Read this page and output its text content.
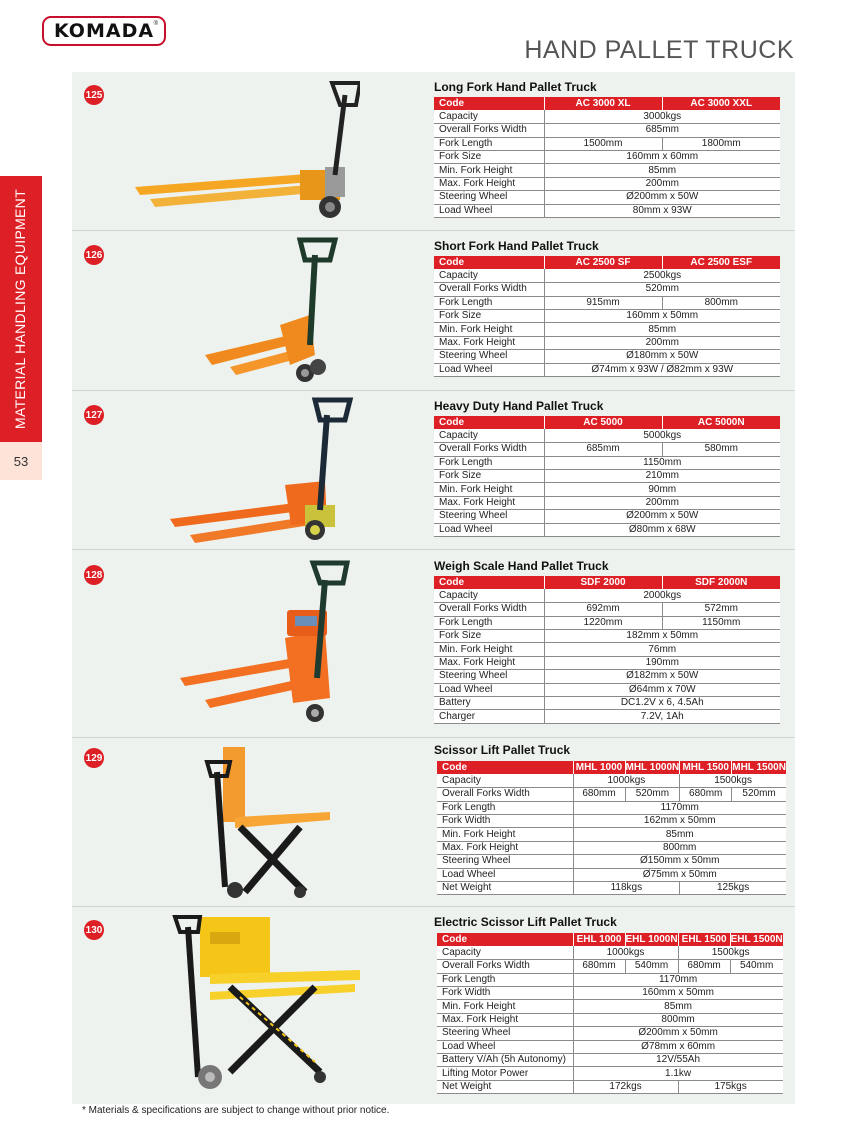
KOMADA®
HAND PALLET TRUCK
MATERIAL HANDLING EQUIPMENT
53
125
Long Fork Hand Pallet Truck
Code	AC 3000 XL	AC 3000 XXL
Capacity	3000kgs	
Overall Forks Width	685mm	
Fork Length	1500mm	1800mm
Fork Size	160mm x 60mm	
Min. Fork Height	85mm	
Max. Fork Height	200mm	
Steering Wheel	Ø200mm x 50W	
Load Wheel	80mm x 93W	
126
Short Fork Hand Pallet Truck
Code	AC 2500 SF	AC 2500 ESF
Capacity	2500kgs	
Overall Forks Width	520mm	
Fork Length	915mm	800mm
Fork Size	160mm x 50mm	
Min. Fork Height	85mm	
Max. Fork Height	200mm	
Steering Wheel	Ø180mm x 50W	
Load Wheel	Ø74mm x 93W / Ø82mm x 93W	
127
Heavy Duty Hand Pallet Truck
Code	AC 5000	AC 5000N
Capacity	5000kgs	
Overall Forks Width	685mm	580mm
Fork Length	1150mm	
Fork Size	210mm	
Min. Fork Height	90mm	
Max. Fork Height	200mm	
Steering Wheel	Ø200mm x 50W	
Load Wheel	Ø80mm x 68W	
128
Weigh Scale Hand Pallet Truck
Code	SDF 2000	SDF 2000N
Capacity	2000kgs	
Overall Forks Width	692mm	572mm
Fork Length	1220mm	1150mm
Fork Size	182mm x 50mm	
Min. Fork Height	76mm	
Max. Fork Height	190mm	
Steering Wheel	Ø182mm x 50W	
Load Wheel	Ø64mm x 70W	
Battery	DC1.2V x 6, 4.5Ah	
Charger	7.2V, 1Ah	
129
Scissor Lift Pallet Truck
Code	MHL 1000	MHL 1000N	MHL 1500	MHL 1500N
Capacity	1000kgs		1500kgs	
Overall Forks Width	680mm	520mm	680mm	520mm
Fork Length	1170mm			
Fork Width	162mm x 50mm			
Min. Fork Height	85mm			
Max. Fork Height	800mm			
Steering Wheel	Ø150mm x 50mm			
Load Wheel	Ø75mm x 50mm			
Net Weight	118kgs		125kgs	
130
Electric Scissor Lift Pallet Truck
Code	EHL 1000	EHL 1000N	EHL 1500	EHL 1500N
Capacity	1000kgs		1500kgs	
Overall Forks Width	680mm	540mm	680mm	540mm
Fork Length	1170mm			
Fork Width	160mm x 50mm			
Min. Fork Height	85mm			
Max. Fork Height	800mm			
Steering Wheel	Ø200mm x 50mm			
Load Wheel	Ø78mm x 60mm			
Battery V/Ah (5h Autonomy)	12V/55Ah			
Lifting Motor Power	1.1kw			
Net Weight	172kgs		175kgs	
* Materials & specifications are subject to change without prior notice.
